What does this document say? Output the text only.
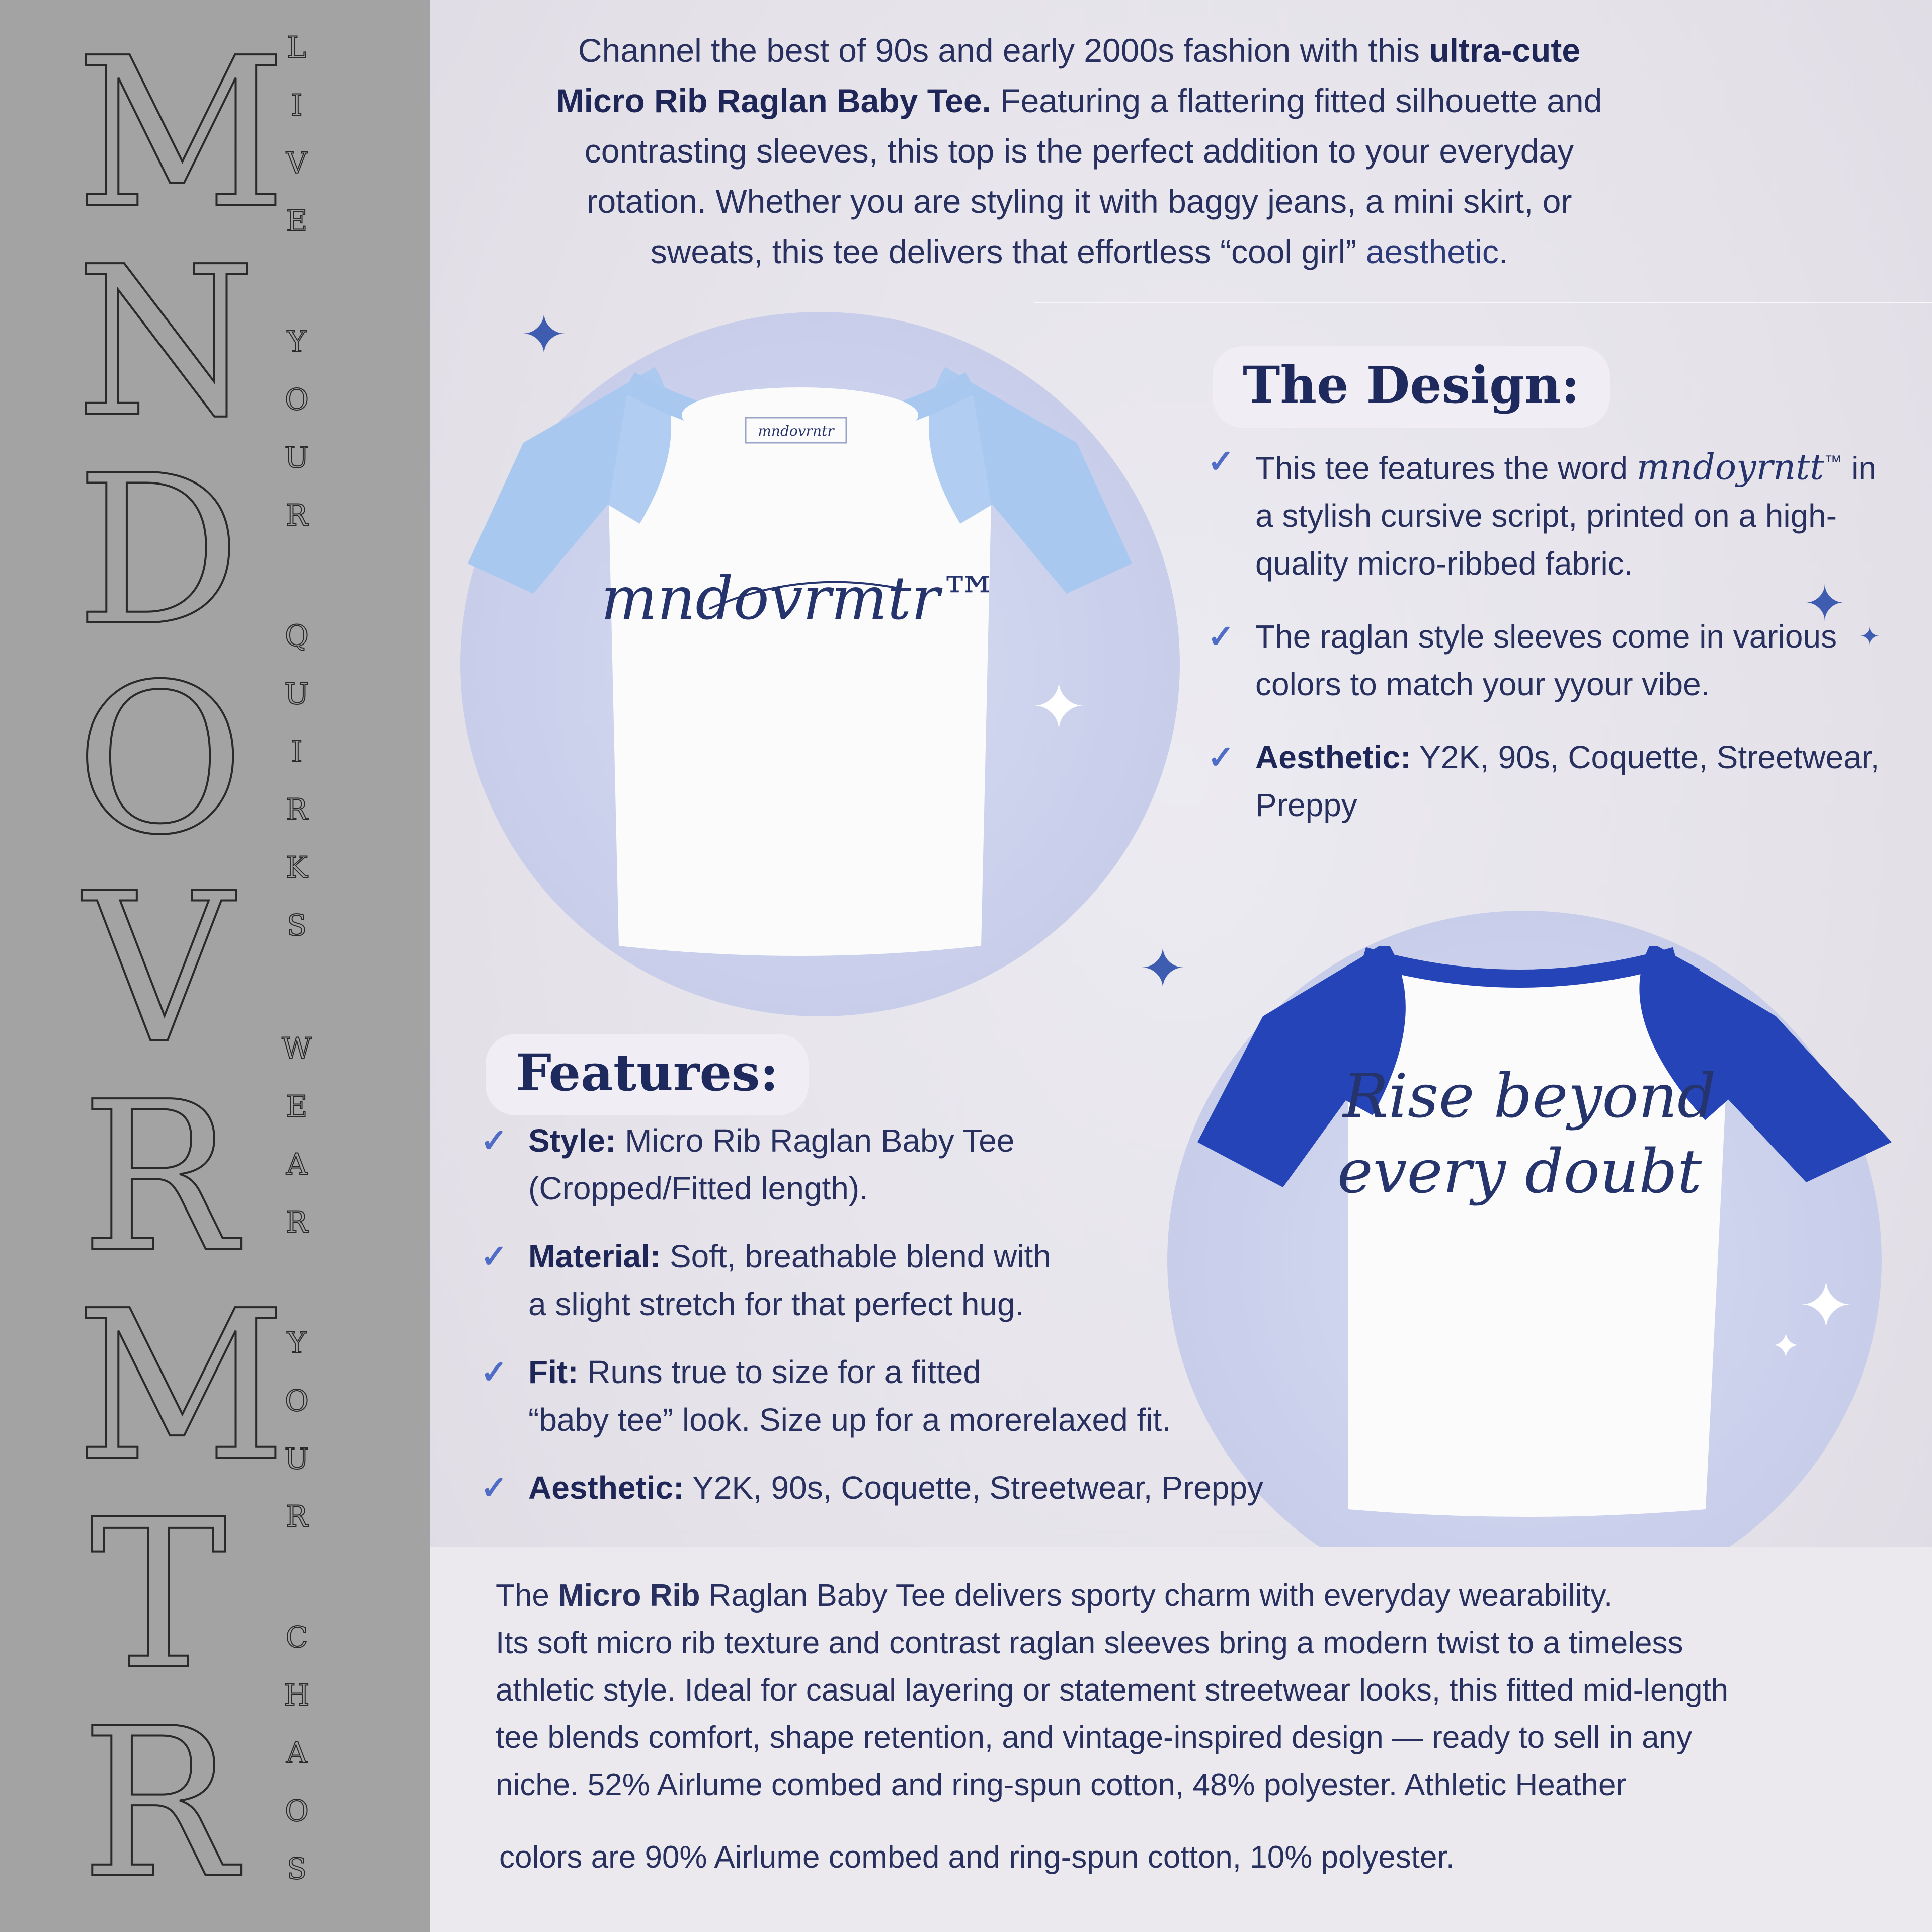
M
N
D
O
V
R
M
T
R
L
I
V
E
Y
O
U
R
Q
U
I
R
K
S
W
E
A
R
Y
O
U
R
C
H
A
O
S
Channel the best of 90s and early 2000s fashion with this ultra-cute
Micro Rib Raglan Baby Tee. Featuring a flattering fitted silhouette and
contrasting sleeves, this top is the perfect addition to your everyday
rotation. Whether you are styling it with baggy jeans, a mini skirt, or
sweats, this tee delivers that effortless “cool girl” aesthetic.
mndovrntr
mndovrmtr™
The Design:
✓ This tee features the word mndoyrntt™ in a stylish cursive script, printed on a high-quality micro-ribbed fabric.
✓ The raglan style sleeves come in various colors to match your yyour vibe.
✓ Aesthetic: Y2K, 90s, Coquette, Streetwear, Preppy
Rise beyond
every doubt
Features:
✓ Style: Micro Rib Raglan Baby Tee
(Cropped/Fitted length).
✓ Material: Soft, breathable blend with
a slight stretch for that perfect hug.
✓ Fit: Runs true to size for a fitted
“baby tee” look. Size up for a morerelaxed fit.
✓ Aesthetic: Y2K, 90s, Coquette, Streetwear, Preppy
✦
✦
✦
✦
✦
✦
✦

The Micro Rib Raglan Baby Tee delivers sporty charm with everyday wearability.
Its soft micro rib texture and contrast raglan sleeves bring a modern twist to a timeless
athletic style. Ideal for casual layering or statement streetwear looks, this fitted mid-length
tee blends comfort, shape retention, and vintage-inspired design — ready to sell in any
niche. 52% Airlume combed and ring-spun cotton, 48% polyester. Athletic Heather

colors are 90% Airlume combed and ring-spun cotton, 10% polyester.
